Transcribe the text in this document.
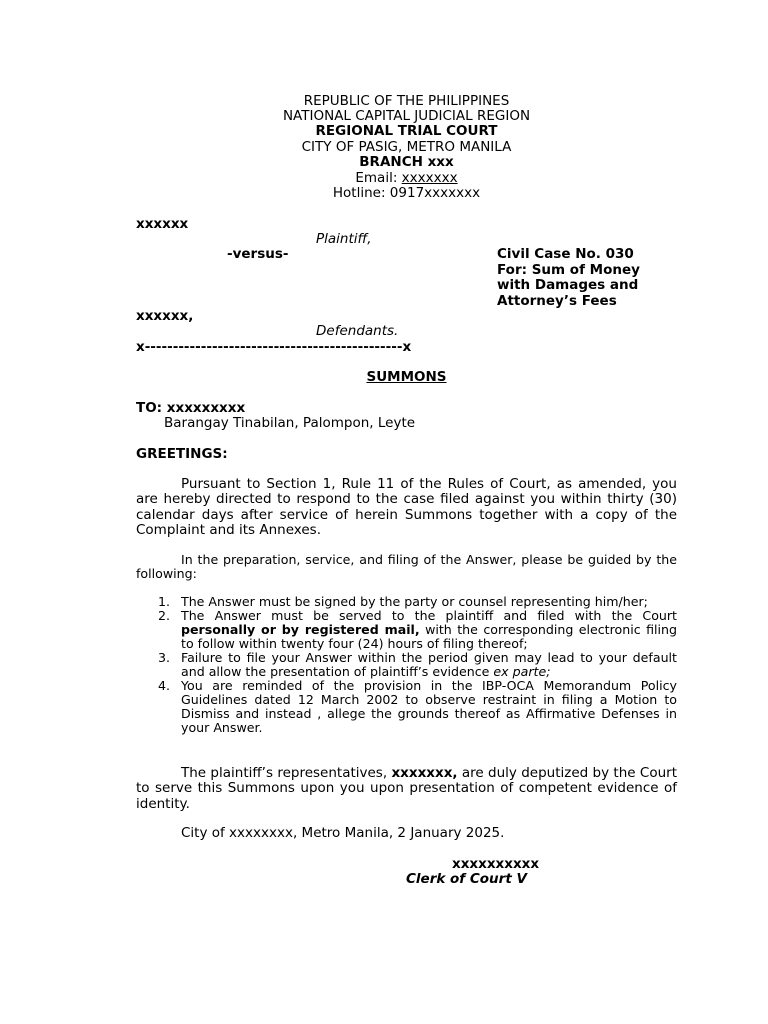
REPUBLIC OF THE PHILIPPINES
NATIONAL CAPITAL JUDICIAL REGION
REGIONAL TRIAL COURT
CITY OF PASIG, METRO MANILA
BRANCH xxx
Email: xxxxxxx
Hotline: 0917xxxxxxx
xxxxxx
Plaintiff,
-versus-	Civil Case No. 030
For: Sum of Money
with Damages and
Attorney’s Fees
xxxxxx,
Defendants.
x----------------------------------------------x
SUMMONS
TO: xxxxxxxxx
Barangay Tinabilan, Palompon, Leyte
GREETINGS:
Pursuant to Section 1, Rule 11 of the Rules of Court, as amended, you are hereby directed to respond to the case filed against you within thirty (30) calendar days after service of herein Summons together with a copy of the Complaint and its Annexes.
In the preparation, service, and filing of the Answer, please be guided by the following:
1. The Answer must be signed by the party or counsel representing him/her;
2. The Answer must be served to the plaintiff and filed with the Court personally or by registered mail, with the corresponding electronic filing to follow within twenty four (24) hours of filing thereof;
3. Failure to file your Answer within the period given may lead to your default and allow the presentation of plaintiff’s evidence ex parte;
4. You are reminded of the provision in the IBP-OCA Memorandum Policy Guidelines dated 12 March 2002 to observe restraint in filing a Motion to Dismiss and instead , allege the grounds thereof as Affirmative Defenses in your Answer.
The plaintiff’s representatives, xxxxxxx, are duly deputized by the Court to serve this Summons upon you upon presentation of competent evidence of identity.
City of xxxxxxxx, Metro Manila, 2 January 2025.
xxxxxxxxxx
Clerk of Court V
